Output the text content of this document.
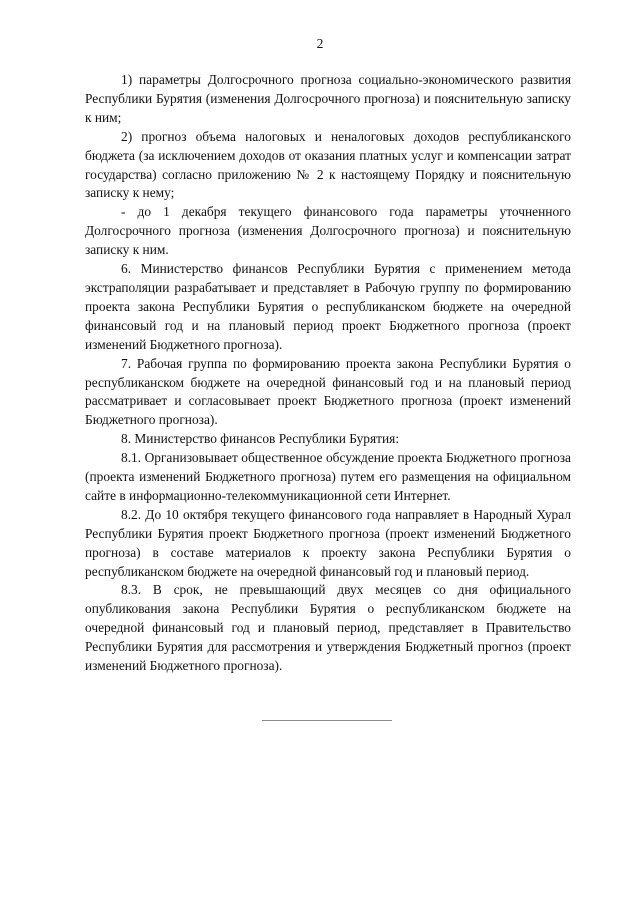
2

1) параметры Долгосрочного прогноза социально-экономического развития Республики Бурятия (изменения Долгосрочного прогноза) и пояснительную записку к ним;

2) прогноз объема налоговых и неналоговых доходов республиканского бюджета (за исключением доходов от оказания платных услуг и компенсации затрат государства) согласно приложению № 2 к настоящему Порядку и пояснительную записку к нему;

- до 1 декабря текущего финансового года параметры уточненного Долгосрочного прогноза (изменения Долгосрочного прогноза) и пояснительную записку к ним.

6. Министерство финансов Республики Бурятия с применением метода экстраполяции разрабатывает и представляет в Рабочую группу по формированию проекта закона Республики Бурятия о республиканском бюджете на очередной финансовый год и на плановый период проект Бюджетного прогноза (проект изменений Бюджетного прогноза).

7. Рабочая группа по формированию проекта закона Республики Бурятия о республиканском бюджете на очередной финансовый год и на плановый период рассматривает и согласовывает проект Бюджетного прогноза (проект изменений Бюджетного прогноза).

8. Министерство финансов Республики Бурятия:

8.1. Организовывает общественное обсуждение проекта Бюджетного прогноза (проекта изменений Бюджетного прогноза) путем его размещения на официальном сайте в информационно-телекоммуникационной сети Интернет.

8.2. До 10 октября текущего финансового года направляет в Народный Хурал Республики Бурятия проект Бюджетного прогноза (проект изменений Бюджетного прогноза) в составе материалов к проекту закона Республики Бурятия о республиканском бюджете на очередной финансовый год и плановый период.

8.3. В срок, не превышающий двух месяцев со дня официального опубликования закона Республики Бурятия о республиканском бюджете на очередной финансовый год и плановый период, представляет в Правительство Республики Бурятия для рассмотрения и утверждения Бюджетный прогноз (проект изменений Бюджетного прогноза).
